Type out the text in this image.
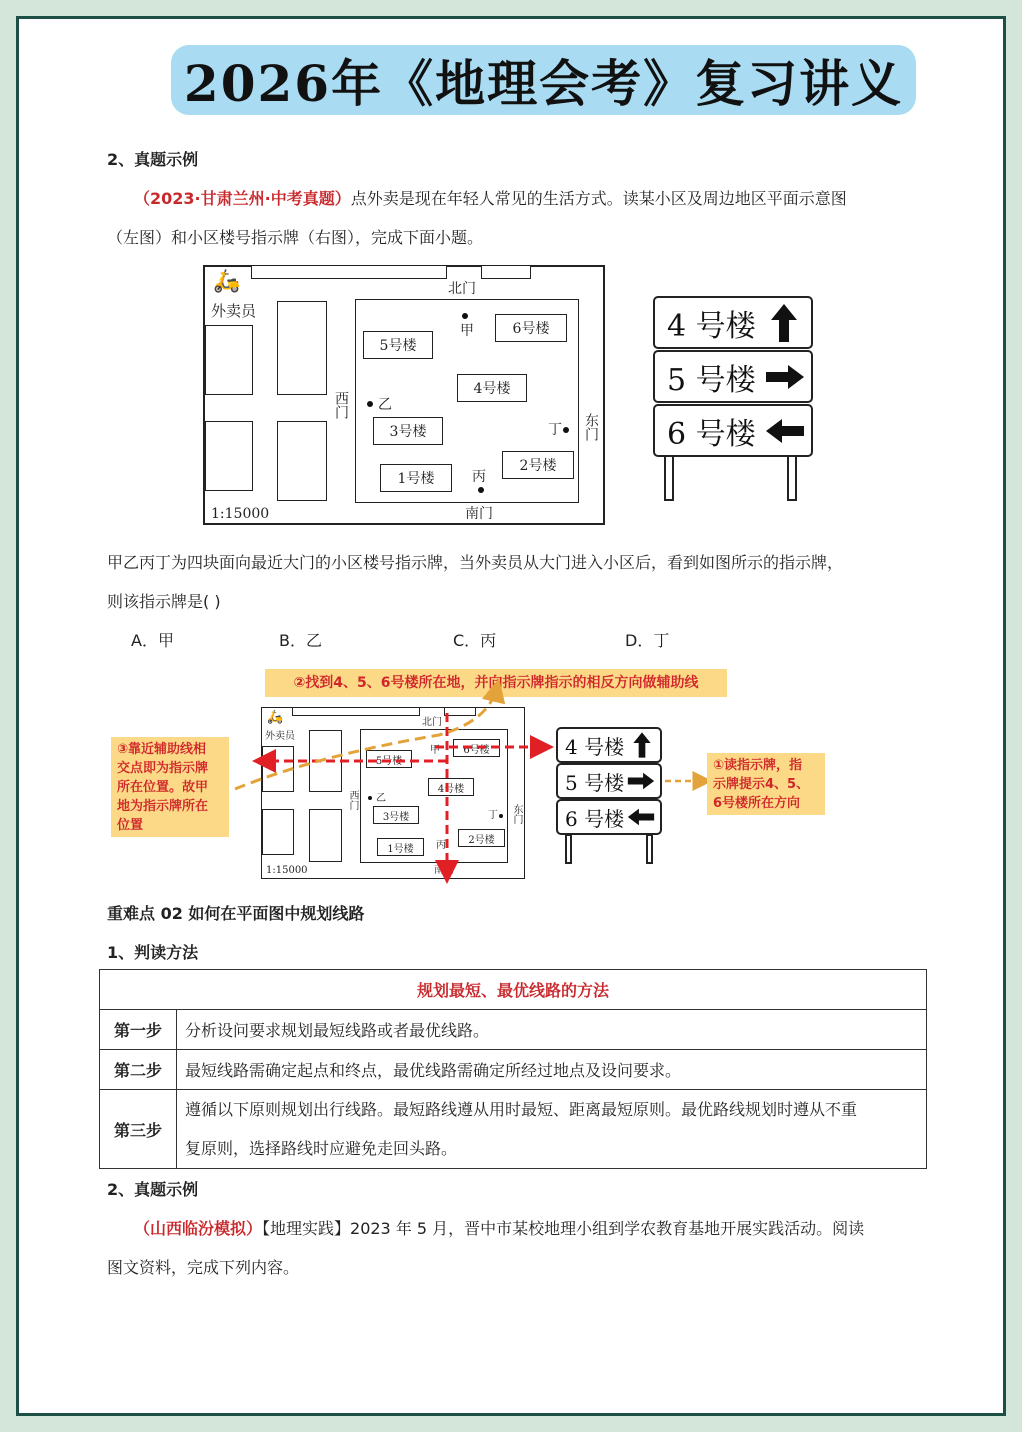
2026年《地理会考》复习讲义
2、真题示例
（2023·甘肃兰州·中考真题）点外卖是现在年轻人常见的生活方式。读某小区及周边地区平面示意图
（左图）和小区楼号指示牌（右图），完成下面小题。
🛵
外卖员
北门
南门
西门
东门
5号楼
6号楼
4号楼
3号楼
2号楼
1号楼
甲
乙
丙
丁
1:15000
4 号楼
5 号楼
6 号楼
甲乙丙丁为四块面向最近大门的小区楼号指示牌，当外卖员从大门进入小区后，看到如图所示的指示牌，
则该指示牌是( )
A．甲	B．乙	C．丙	D．丁
②找到4、5、6号楼所在地，并向指示牌指示的相反方向做辅助线
🛵
外卖员
北门
南门
西门
东门
5号楼
6号楼
4号楼
3号楼
2号楼
1号楼
甲
乙
丙
丁
1:15000
4 号楼
5 号楼
6 号楼
③靠近辅助线相
交点即为指示牌
所在位置。故甲
地为指示牌所在
位置
①读指示牌，指
示牌提示4、5、
6号楼所在方向
重难点 02 如何在平面图中规划线路
1、判读方法
规划最短、最优线路的方法	
第一步	分析设问要求规划最短线路或者最优线路。
第二步	最短线路需确定起点和终点，最优线路需确定所经过地点及设问要求。
第三步	遵循以下原则规划出行线路。最短路线遵从用时最短、距离最短原则。最优路线规划时遵从不重
复原则，选择路线时应避免走回头路。
2、真题示例
（山西临汾模拟）【地理实践】2023 年 5 月，晋中市某校地理小组到学农教育基地开展实践活动。阅读
图文资料，完成下列内容。
